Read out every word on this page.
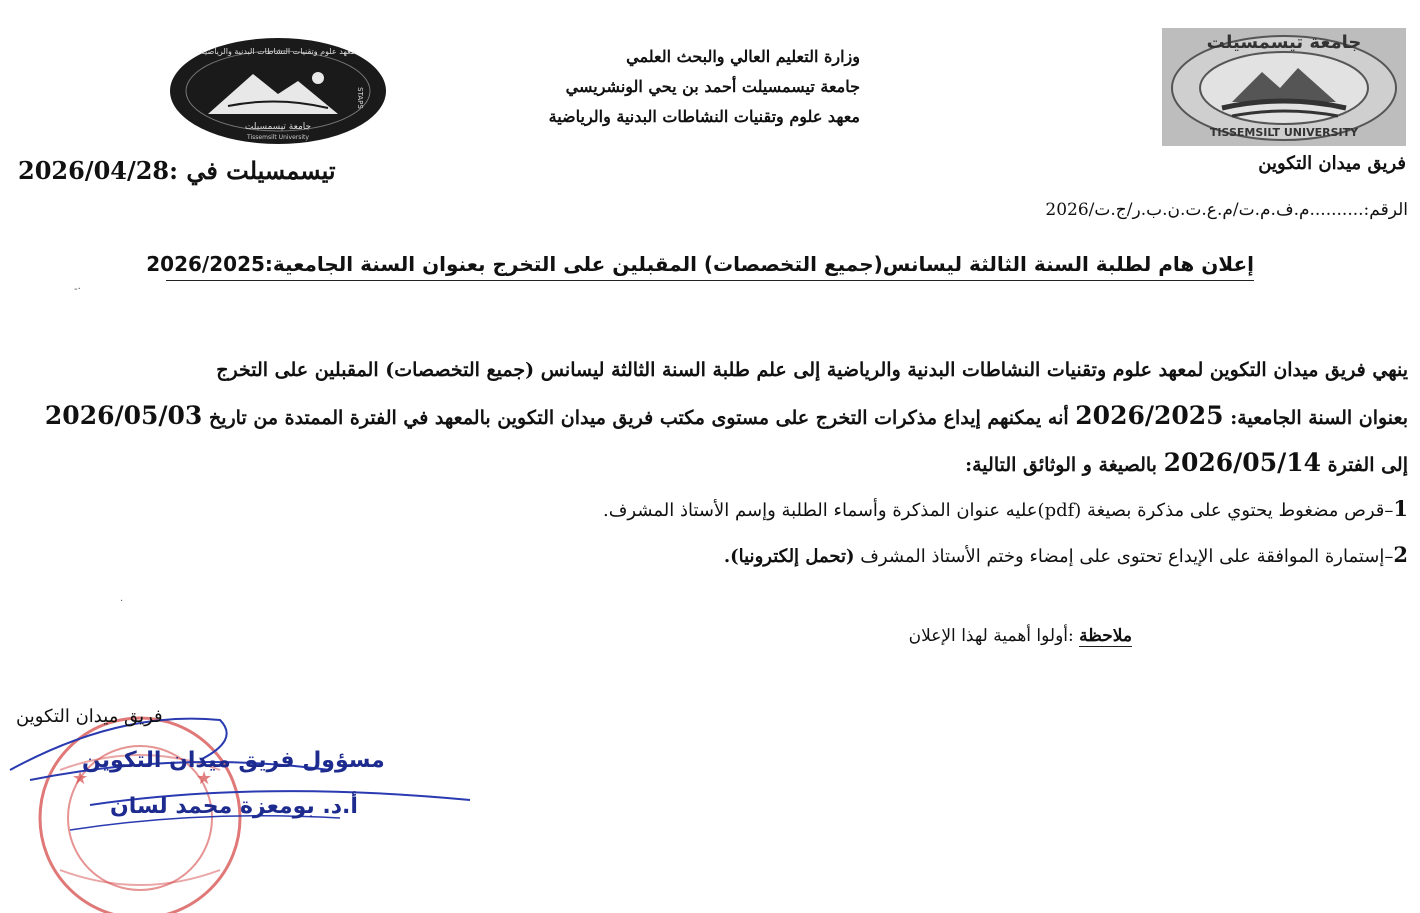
معهد علوم وتقنيات النشاطات البدنية والرياضية
STAPS
جامعة تيسمسيلت
Tissemsilt University
وزارة التعليم العالي والبحث العلمي
جامعة تيسمسيلت أحمد بن يحي الونشريسي
معهد علوم وتقنيات النشاطات البدنية والرياضية
جامعة تيسمسيلت
TISSEMSILT UNIVERSITY
فريق ميدان التكوين
تيسمسيلت في :2026/04/28
الرقم:..........م.ف.م.ت/م.ع.ت.ن.ب.ر/ج.ت/2026
إعلان هام لطلبة السنة الثالثة ليسانس(جميع التخصصات) المقبلين على التخرج بعنوان السنة الجامعية:2026/2025
-·
ينهي فريق ميدان التكوين لمعهد علوم وتقنيات النشاطات البدنية والرياضية إلى علم طلبة السنة الثالثة ليسانس (جميع التخصصات) المقبلين على التخرج
بعنوان السنة الجامعية: 2026/2025 أنه يمكنهم إيداع مذكرات التخرج على مستوى مكتب فريق ميدان التكوين بالمعهد في الفترة الممتدة من تاريخ 2026/05/03
إلى الفترة 2026/05/14 بالصيغة و الوثائق التالية:
1–قرص مضغوط يحتوي على مذكرة بصيغة (pdf)عليه عنوان المذكرة وأسماء الطلبة وإسم الأستاذ المشرف.
2–إستمارة الموافقة على الإيداع تحتوى على إمضاء وختم الأستاذ المشرف (تحمل إلكترونيا).
·
ملاحظة :أولوا أهمية لهذا الإعلان
★	★
فريق ميدان التكوين
مسؤول فريق ميدان التكوين
أ.د. بومعزة محمد لسان
